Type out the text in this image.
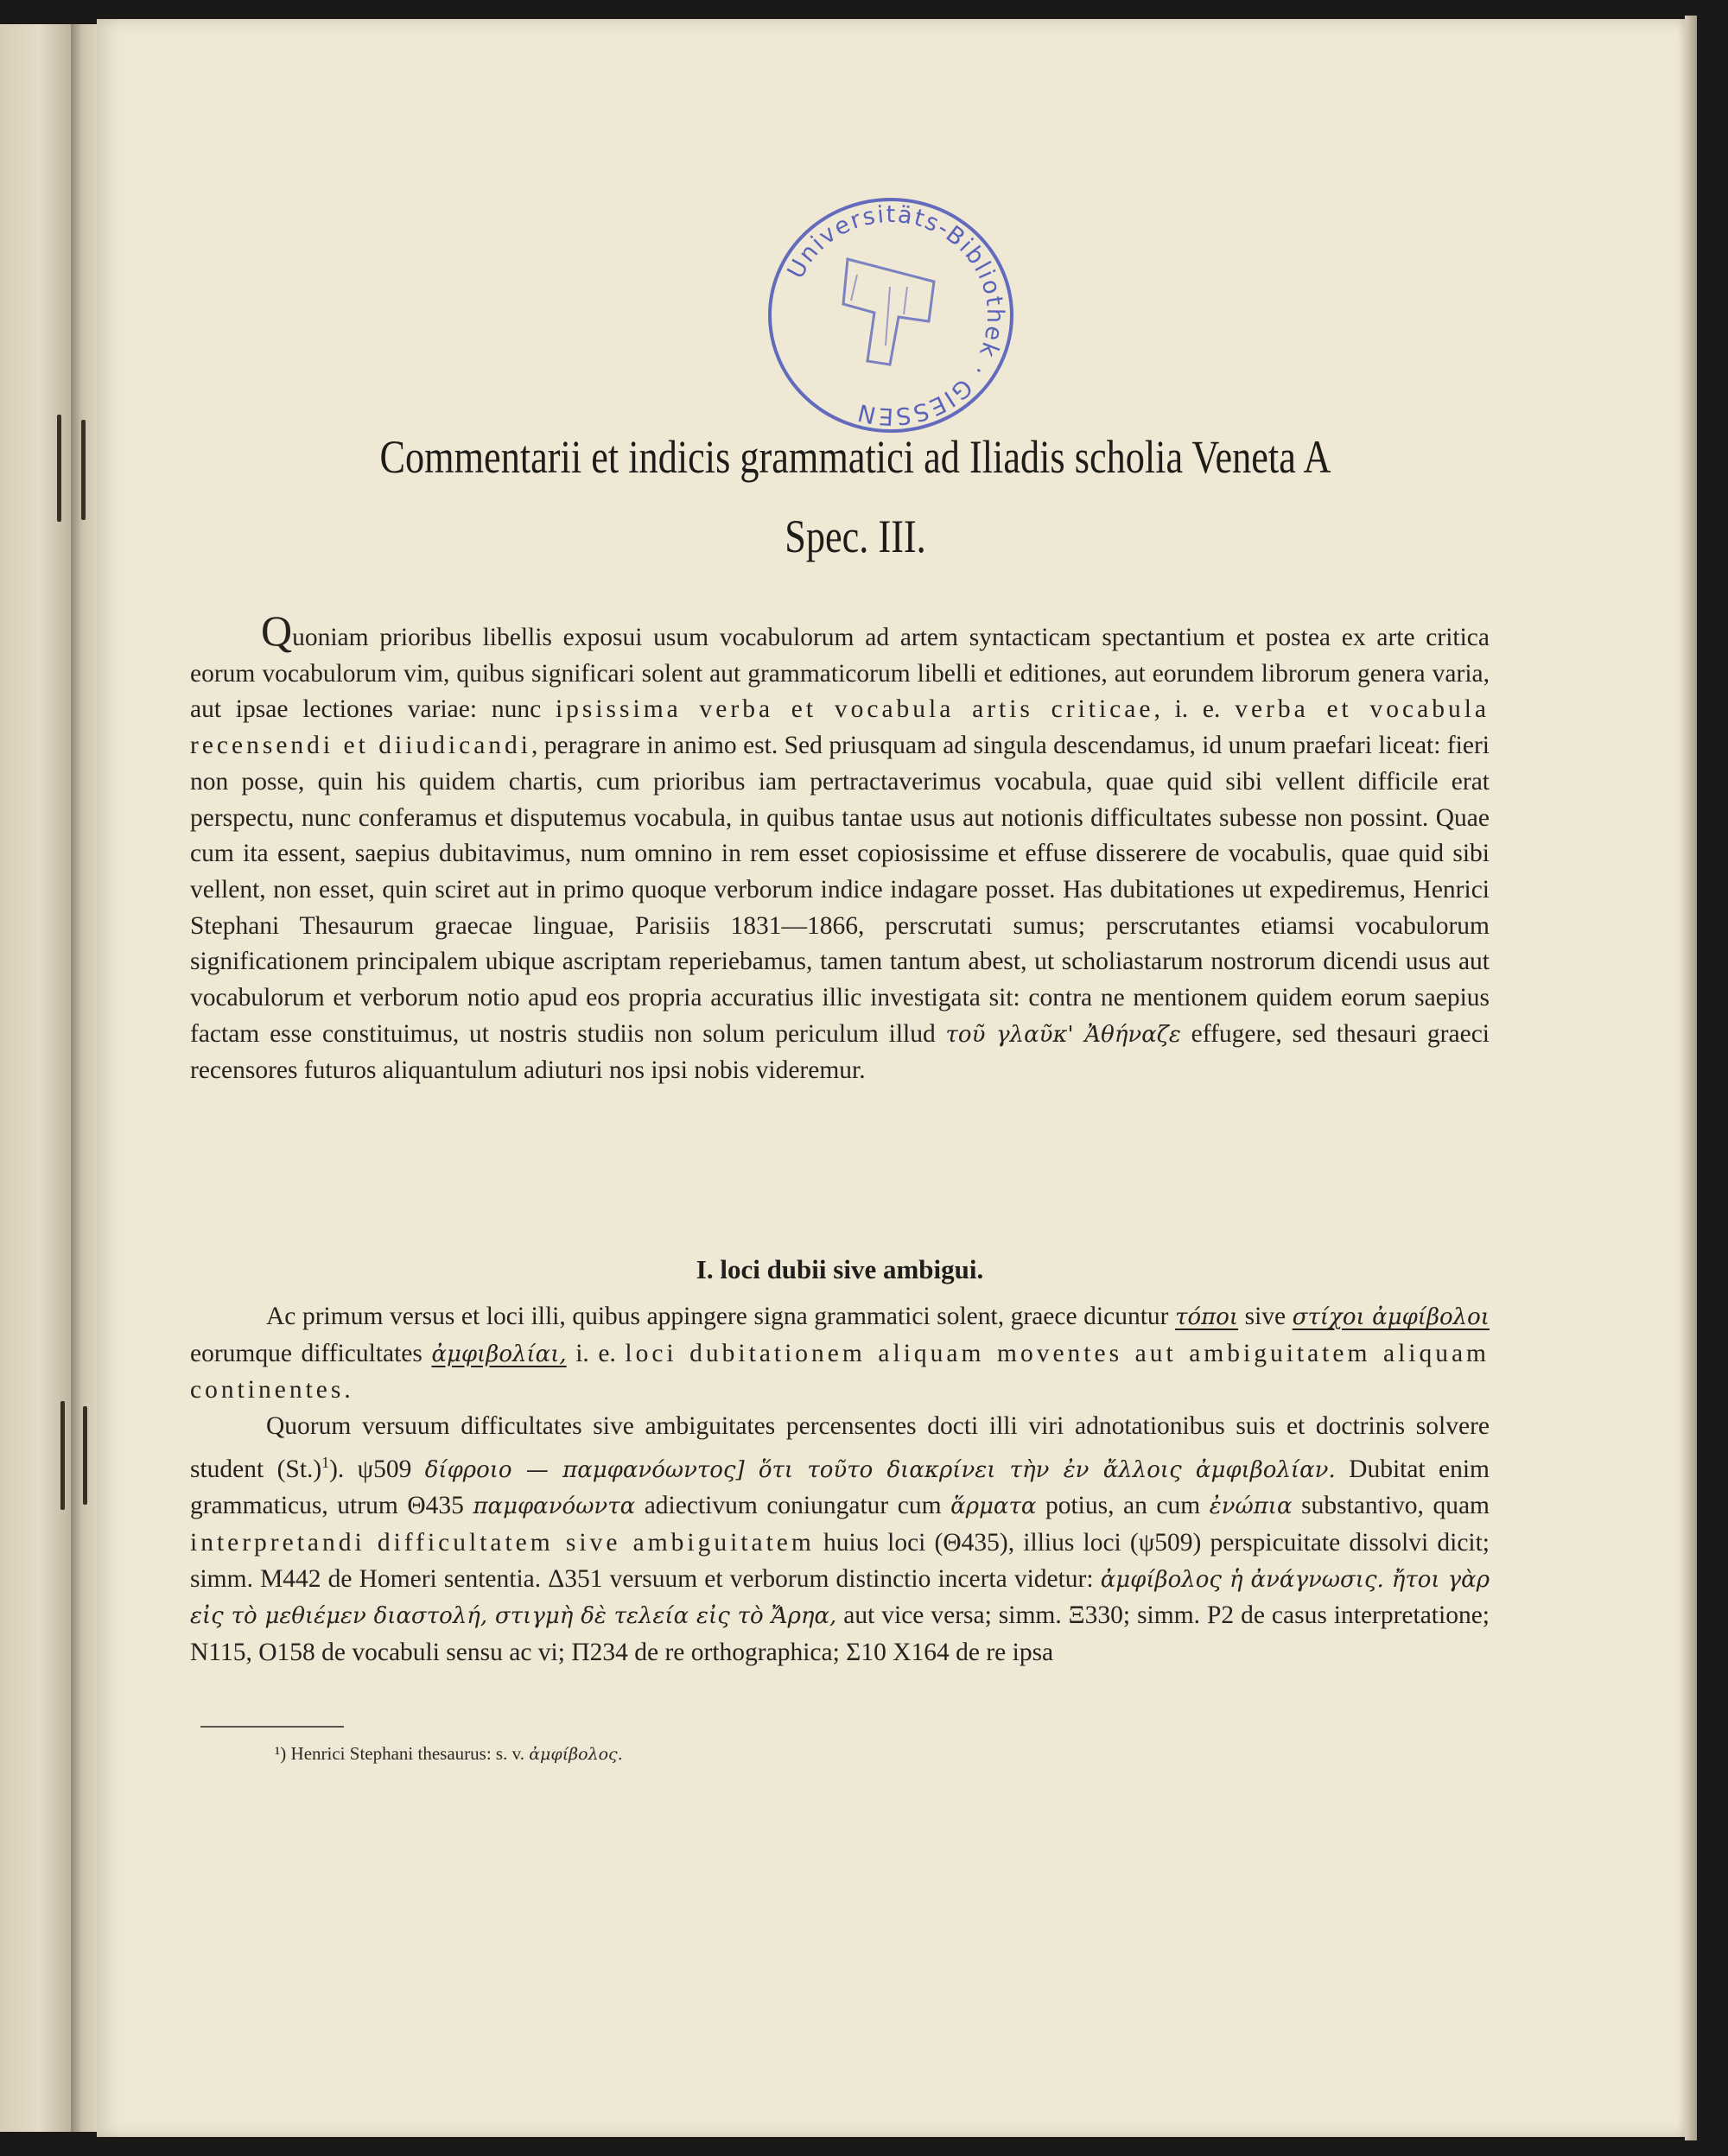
Universitäts-Bibliothek · GIESSEN
Commentarii et indicis grammatici ad Iliadis scholia Veneta A
Spec. III.
Quoniam prioribus libellis exposui usum vocabulorum ad artem syntacticam spectantium et postea ex arte critica eorum vocabulorum vim, quibus significari solent aut grammaticorum libelli et editiones, aut eorundem librorum genera varia, aut ipsae lectiones variae: nunc ipsissima verba et vocabula artis criticae, i. e. verba et vocabula recensendi et diiudicandi, peragrare in animo est. Sed priusquam ad singula descendamus, id unum praefari liceat: fieri non posse, quin his quidem chartis, cum prioribus iam pertractaverimus vocabula, quae quid sibi vellent difficile erat perspectu, nunc conferamus et disputemus vocabula, in quibus tantae usus aut notionis difficultates subesse non possint. Quae cum ita essent, saepius dubitavimus, num omnino in rem esset copiosissime et effuse disserere de vocabulis, quae quid sibi vellent, non esset, quin sciret aut in primo quoque verborum indice indagare posset. Has dubitationes ut expediremus, Henrici Stephani Thesaurum graecae linguae, Parisiis 1831—1866, perscrutati sumus; perscrutantes etiamsi vocabulorum significationem principalem ubique ascriptam reperiebamus, tamen tantum abest, ut scholiastarum nostrorum dicendi usus aut vocabulorum et verborum notio apud eos propria accuratius illic investigata sit: contra ne mentionem quidem eorum saepius factam esse constituimus, ut nostris studiis non solum periculum illud τοῦ γλαῦκ' Ἀθήναζε effugere, sed thesauri graeci recensores futuros aliquantulum adiuturi nos ipsi nobis videremur.
I. loci dubii sive ambigui.
Ac primum versus et loci illi, quibus appingere signa grammatici solent, graece dicuntur τόποι sive στίχοι ἀμφίβολοι eorumque difficultates ἀμφιβολίαι, i. e. loci dubitationem aliquam moventes aut ambiguitatem aliquam continentes.
Quorum versuum difficultates sive ambiguitates percensentes docti illi viri adnotationibus suis et doctrinis solvere student $(St.)^1$). ψ509 δίφροιο — παμφανόωντος] ὅτι τοῦτο διακρίνει τὴν ἐν ἄλλοις ἀμφιβολίαν. Dubitat enim grammaticus, utrum Θ435 παμφανόωντα adiectivum coniungatur cum ἅρματα potius, an cum ἐνώπια substantivo, quam interpretandi difficultatem sive ambiguitatem huius loci (Θ435), illius loci (ψ509) perspicuitate dissolvi dicit; simm. Μ442 de Homeri sententia. Δ351 versuum et verborum distinctio incerta videtur: ἀμφίβολος ἡ ἀνάγνωσις. ἤτοι γὰρ εἰς τὸ μεθιέμεν διαστολή, στιγμὴ δὲ τελεία εἰς τὸ Ἄρηα, aut vice versa; simm. Ξ330; simm. Ρ2 de casus interpretatione; Ν115, Ο158 de vocabuli sensu ac vi; Π234 de re orthographica; Σ10 Χ164 de re ipsa
¹) Henrici Stephani thesaurus: s. v. ἀμφίβολος.
